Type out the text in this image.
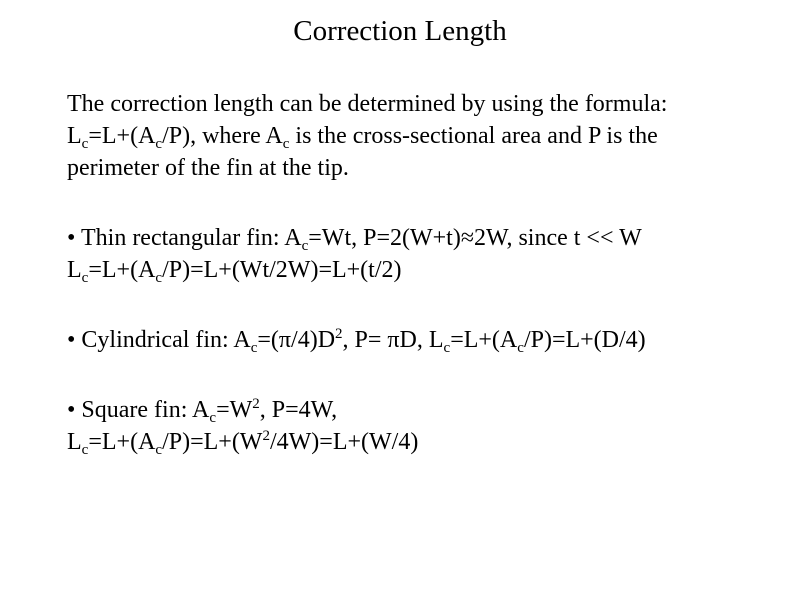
Correction Length
The correction length can be determined by using the formula:
$L_c=L+(A_c/P)$, where $A_c$ is the cross-sectional area and P is the
perimeter of the fin at the tip.
• Thin rectangular fin: $A_c=Wt$, P=2(W+t)≈2W, since t << W
$L_c=L+(A_c/P)=L+(Wt/2W)=L+(t/2)$
• Cylindrical fin: $A_c=(\pi/4)D^2$, P= πD, $L_c=L+(A_c/P)=L+(D/4)$
• Square fin: $A_c=W^2$, P=4W,
$L_c=L+(A_c/P)=L+(W^2/4W)=L+(W/4)$
